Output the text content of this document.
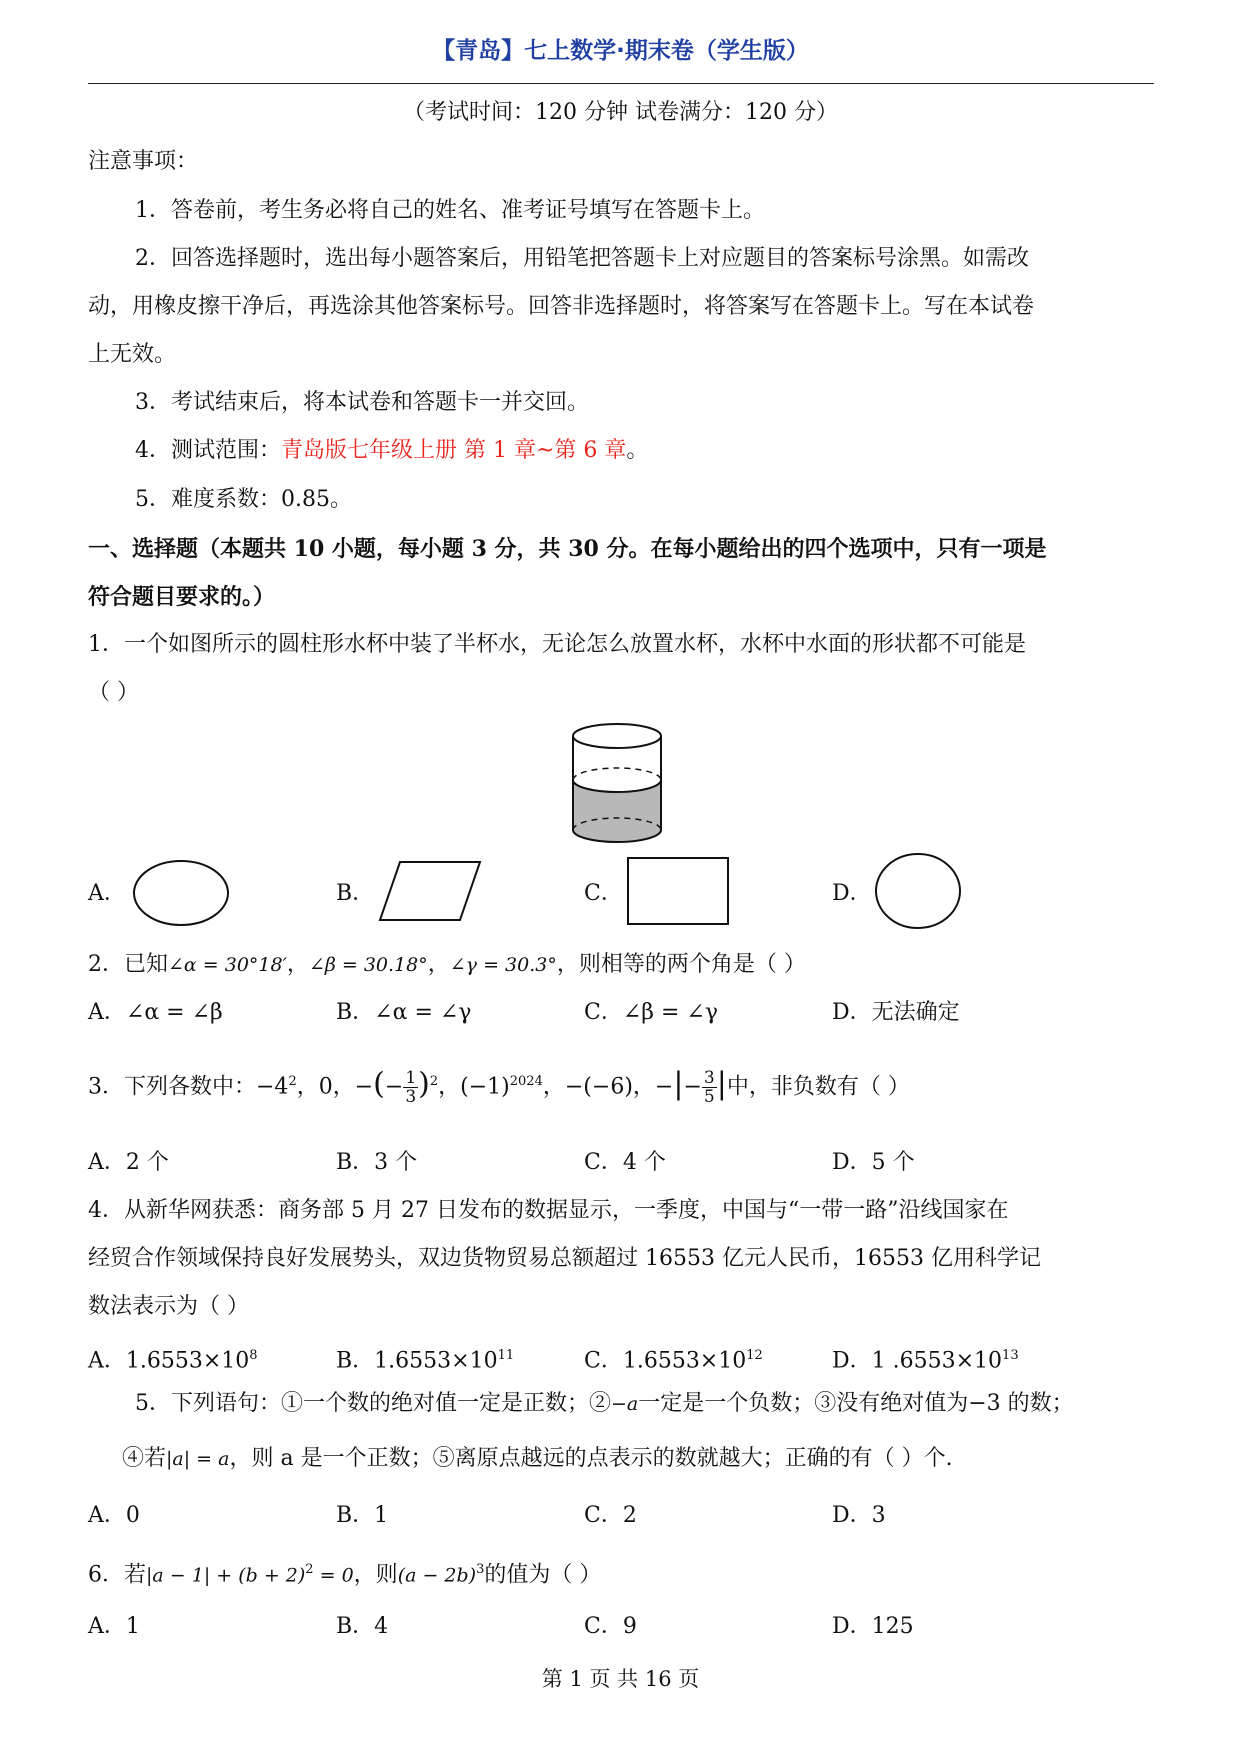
【青岛】七上数学·期末卷（学生版）
（考试时间：120 分钟 试卷满分：120 分）
注意事项：
1．答卷前，考生务必将自己的姓名、准考证号填写在答题卡上。
2．回答选择题时，选出每小题答案后，用铅笔把答题卡上对应题目的答案标号涂黑。如需改
动，用橡皮擦干净后，再选涂其他答案标号。回答非选择题时，将答案写在答题卡上。写在本试卷
上无效。
3．考试结束后，将本试卷和答题卡一并交回。
4．测试范围：青岛版七年级上册 第 1 章~第 6 章。
5．难度系数：0.85。
一、选择题（本题共 10 小题，每小题 3 分，共 30 分。在每小题给出的四个选项中，只有一项是
符合题目要求的。）
1．一个如图所示的圆柱形水杯中装了半杯水，无论怎么放置水杯，水杯中水面的形状都不可能是
（ ）
A．	B．	C．	D．
2．已知∠α = 30°18′，∠β = 30.18°，∠γ = 30.3°，则相等的两个角是（ ）
A．∠α = ∠β	B．∠α = ∠γ	C．∠β = ∠γ	D．无法确定
3．下列各数中：$-4^2$，0，−(− $\frac{1}{3} )^2$，$(-1)^{2024}$，−(−6)，−|− $\frac{3}{5}$ |中，非负数有（ ）
A．2 个	B．3 个	C．4 个	D．5 个
4．从新华网获悉：商务部 5 月 27 日发布的数据显示，一季度，中国与“一带一路”沿线国家在
经贸合作领域保持良好发展势头，双边货物贸易总额超过 16553 亿元人民币，16553 亿用科学记
数法表示为（ ）
A．$1.6553\times 10^8$	B．$1.6553\times 10^{11}$	C．$1.6553\times 10^{12}$	D．1 $.6553\times 10^{13}$
5．下列语句：①一个数的绝对值一定是正数；②−a一定是一个负数；③没有绝对值为−3 的数；
④若|a| = a，则 a 是一个正数；⑤离原点越远的点表示的数就越大；正确的有（ ）个.
A．0	B．1	C．2	D．3
6．若$|a - 1| + (b + 2)^2 = 0$，则$(a - 2b)^3$的值为（ ）
A．1	B．4	C．9	D．125
第 1 页 共 16 页
